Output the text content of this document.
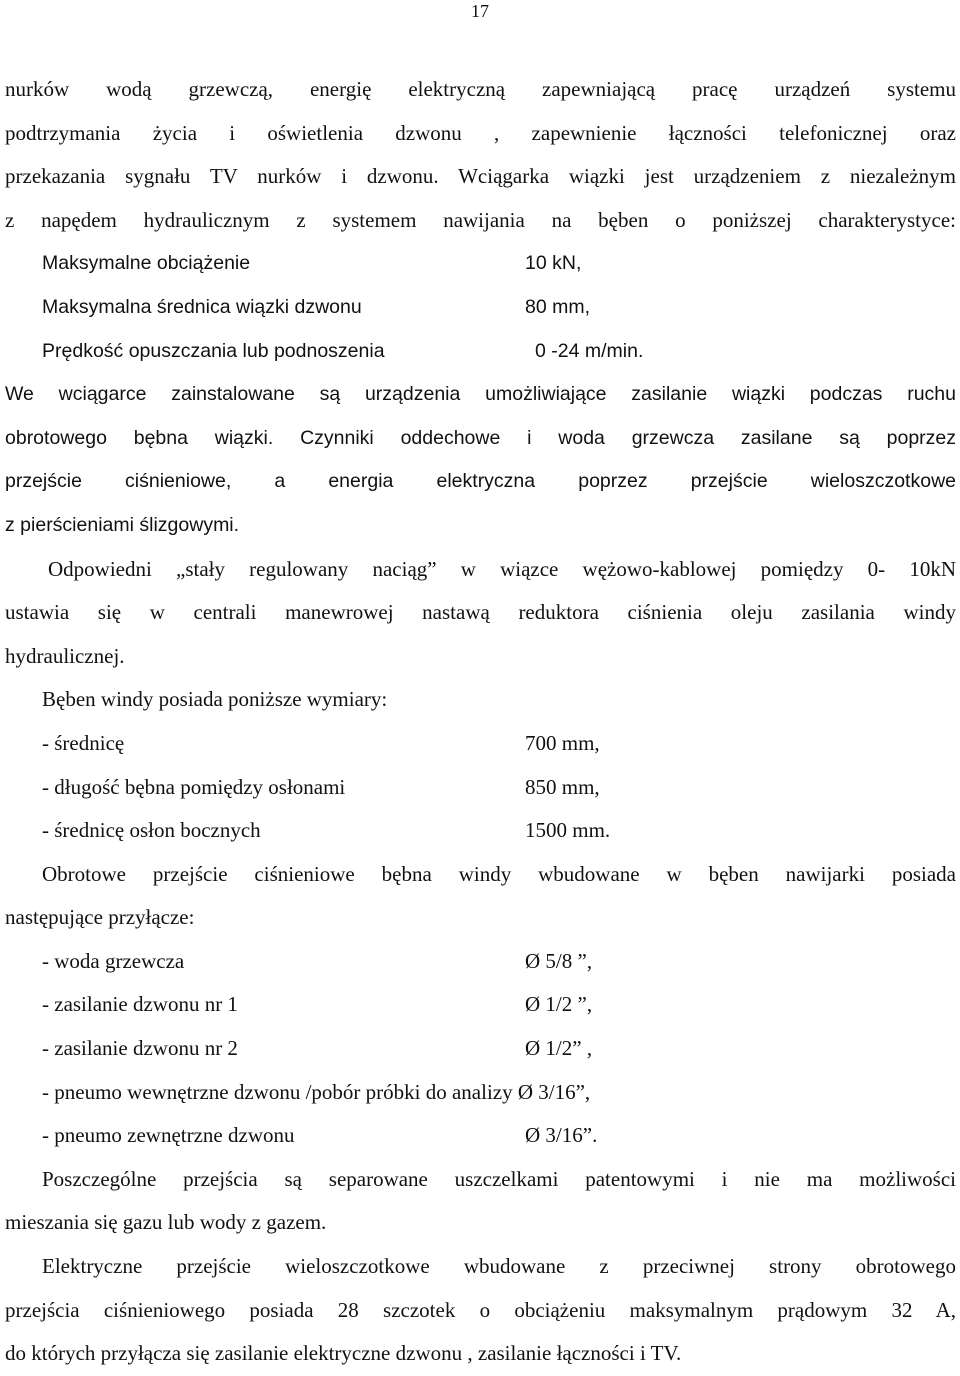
17
nurków wodą grzewczą, energię elektryczną zapewniającą pracę urządzeń systemu
podtrzymania życia i oświetlenia dzwonu , zapewnienie łączności telefonicznej oraz
przekazania sygnału TV nurków i dzwonu. Wciągarka wiązki jest urządzeniem z niezależnym
z napędem hydraulicznym z systemem nawijania na bęben o poniższej charakterystyce:
Maksymalne obciążenie	10 kN,
Maksymalna średnica wiązki dzwonu	80 mm,
Prędkość opuszczania lub podnoszenia	0 -24 m/min.
We wciągarce zainstalowane są urządzenia umożliwiające zasilanie wiązki podczas ruchu
obrotowego bębna wiązki. Czynniki oddechowe i woda grzewcza zasilane są poprzez
przejście ciśnieniowe, a energia elektryczna poprzez przejście wieloszczotkowe
z pierścieniami ślizgowymi.
Odpowiedni „stały regulowany naciąg” w wiązce wężowo-kablowej pomiędzy 0- 10kN
ustawia się w centrali manewrowej nastawą reduktora ciśnienia oleju zasilania windy
hydraulicznej.
Bęben windy posiada poniższe wymiary:
- średnicę	700 mm,
- długość bębna pomiędzy osłonami	850 mm,
- średnicę osłon bocznych	1500 mm.
Obrotowe przejście ciśnieniowe bębna windy wbudowane w bęben nawijarki posiada
następujące przyłącze:
- woda grzewcza	Ø 5/8 ”,
- zasilanie dzwonu nr 1	Ø 1/2 ”,
- zasilanie dzwonu nr 2	Ø 1/2” ,
- pneumo wewnętrzne dzwonu /pobór próbki do analizy Ø 3/16”,
- pneumo zewnętrzne dzwonu	Ø 3/16”.
Poszczególne przejścia są separowane uszczelkami patentowymi i nie ma możliwości
mieszania się gazu lub wody z gazem.
Elektryczne przejście wieloszczotkowe wbudowane z przeciwnej strony obrotowego
przejścia ciśnieniowego posiada 28 szczotek o obciążeniu maksymalnym prądowym 32 A,
do których przyłącza się zasilanie elektryczne dzwonu , zasilanie łączności i TV.
